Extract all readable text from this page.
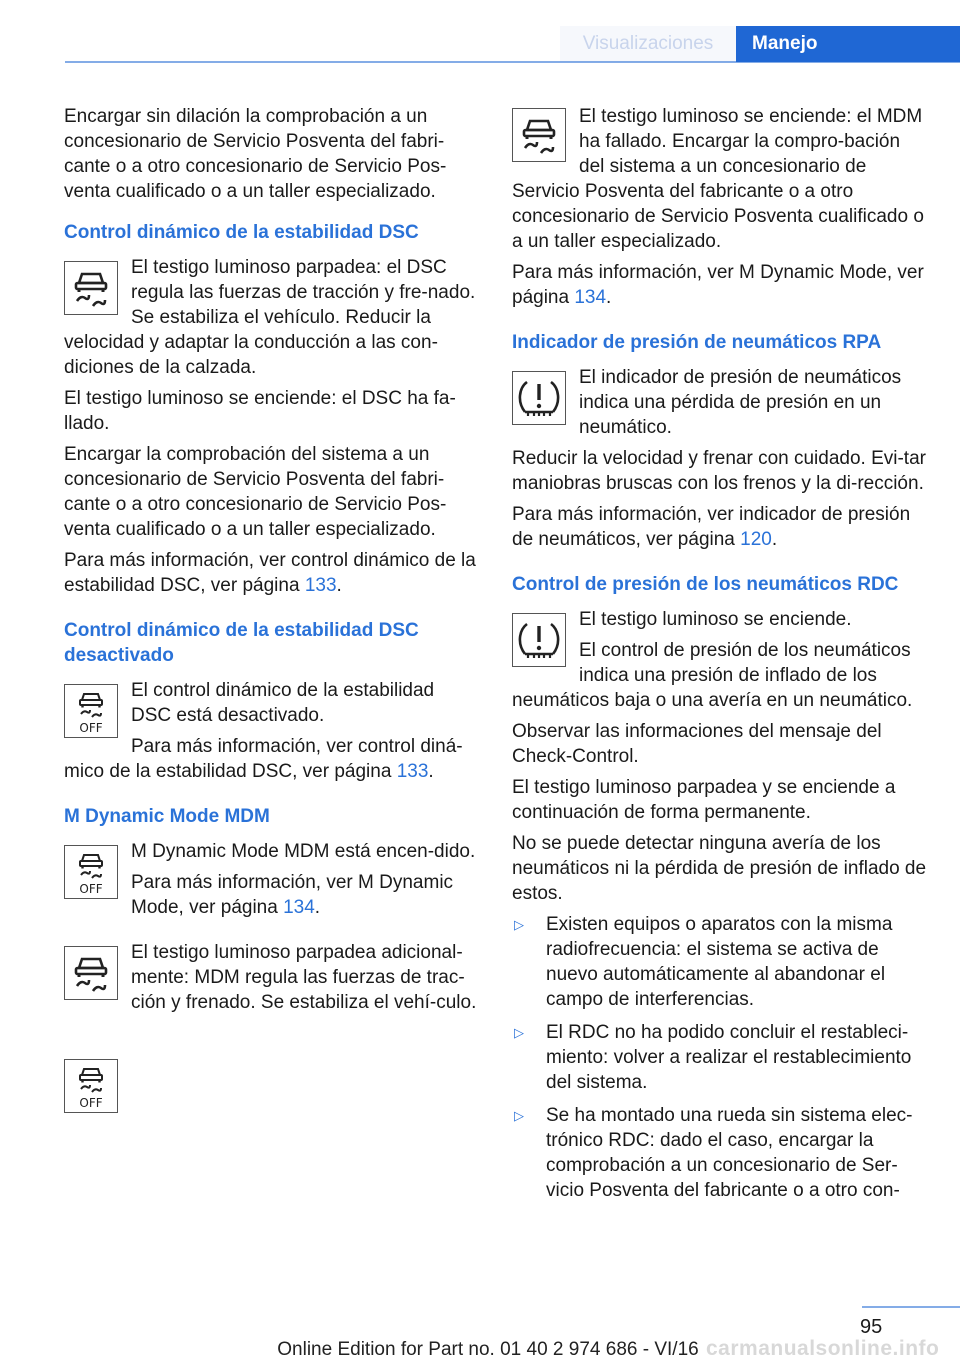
Visualizaciones	Manejo

Encargar sin dilación la comprobación a un concesionario de Servicio Posventa del fabri-cante o a otro concesionario de Servicio Pos-venta cualificado o a un taller especializado.

Control dinámico de la estabilidad DSC

El testigo luminoso parpadea: el DSC regula las fuerzas de tracción y fre-nado. Se estabiliza el vehículo. Reducir la velocidad y adaptar la conducción a las con-diciones de la calzada.

El testigo luminoso se enciende: el DSC ha fa-llado.

Encargar la comprobación del sistema a un concesionario de Servicio Posventa del fabri-cante o a otro concesionario de Servicio Pos-venta cualificado o a un taller especializado.

Para más información, ver control dinámico de la estabilidad DSC, ver página 133.

Control dinámico de la estabilidad DSC desactivado
OFF

El control dinámico de la estabilidad DSC está desactivado.

Para más información, ver control diná-mico de la estabilidad DSC, ver página 133.

M Dynamic Mode MDM
OFF

M Dynamic Mode MDM está encen-dido.

Para más información, ver M Dynamic Mode, ver página 134.

El testigo luminoso parpadea adicional-mente: MDM regula las fuerzas de trac-ción y frenado. Se estabiliza el vehí-culo.

OFF

El testigo luminoso se enciende: el MDM ha fallado. Encargar la compro-bación del sistema a un concesionario de Servicio Posventa del fabricante o a otro concesionario de Servicio Posventa cualificado o a un taller especializado.

Para más información, ver M Dynamic Mode, ver página 134.

Indicador de presión de neumáticos RPA

El indicador de presión de neumáticos indica una pérdida de presión en un neumático.

Reducir la velocidad y frenar con cuidado. Evi-tar maniobras bruscas con los frenos y la di-rección.

Para más información, ver indicador de presión de neumáticos, ver página 120.

Control de presión de los neumáticos RDC

El testigo luminoso se enciende.

El control de presión de los neumáticos indica una presión de inflado de los neumáticos baja o una avería en un neumático.

Observar las informaciones del mensaje del Check-Control.

El testigo luminoso parpadea y se enciende a continuación de forma permanente.

No se puede detectar ninguna avería de los neumáticos ni la pérdida de presión de inflado de estos.

▷ Existen equipos o aparatos con la misma radiofrecuencia: el sistema se activa de nuevo automáticamente al abandonar el campo de interferencias.
▷ El RDC no ha podido concluir el restableci-miento: volver a realizar el restablecimiento del sistema.
▷ Se ha montado una rueda sin sistema elec-trónico RDC: dado el caso, encargar la comprobación a un concesionario de Ser-vicio Posventa del fabricante o a otro con-
95
Online Edition for Part no. 01 40 2 974 686 - VI/16 carmanualsonline.info
